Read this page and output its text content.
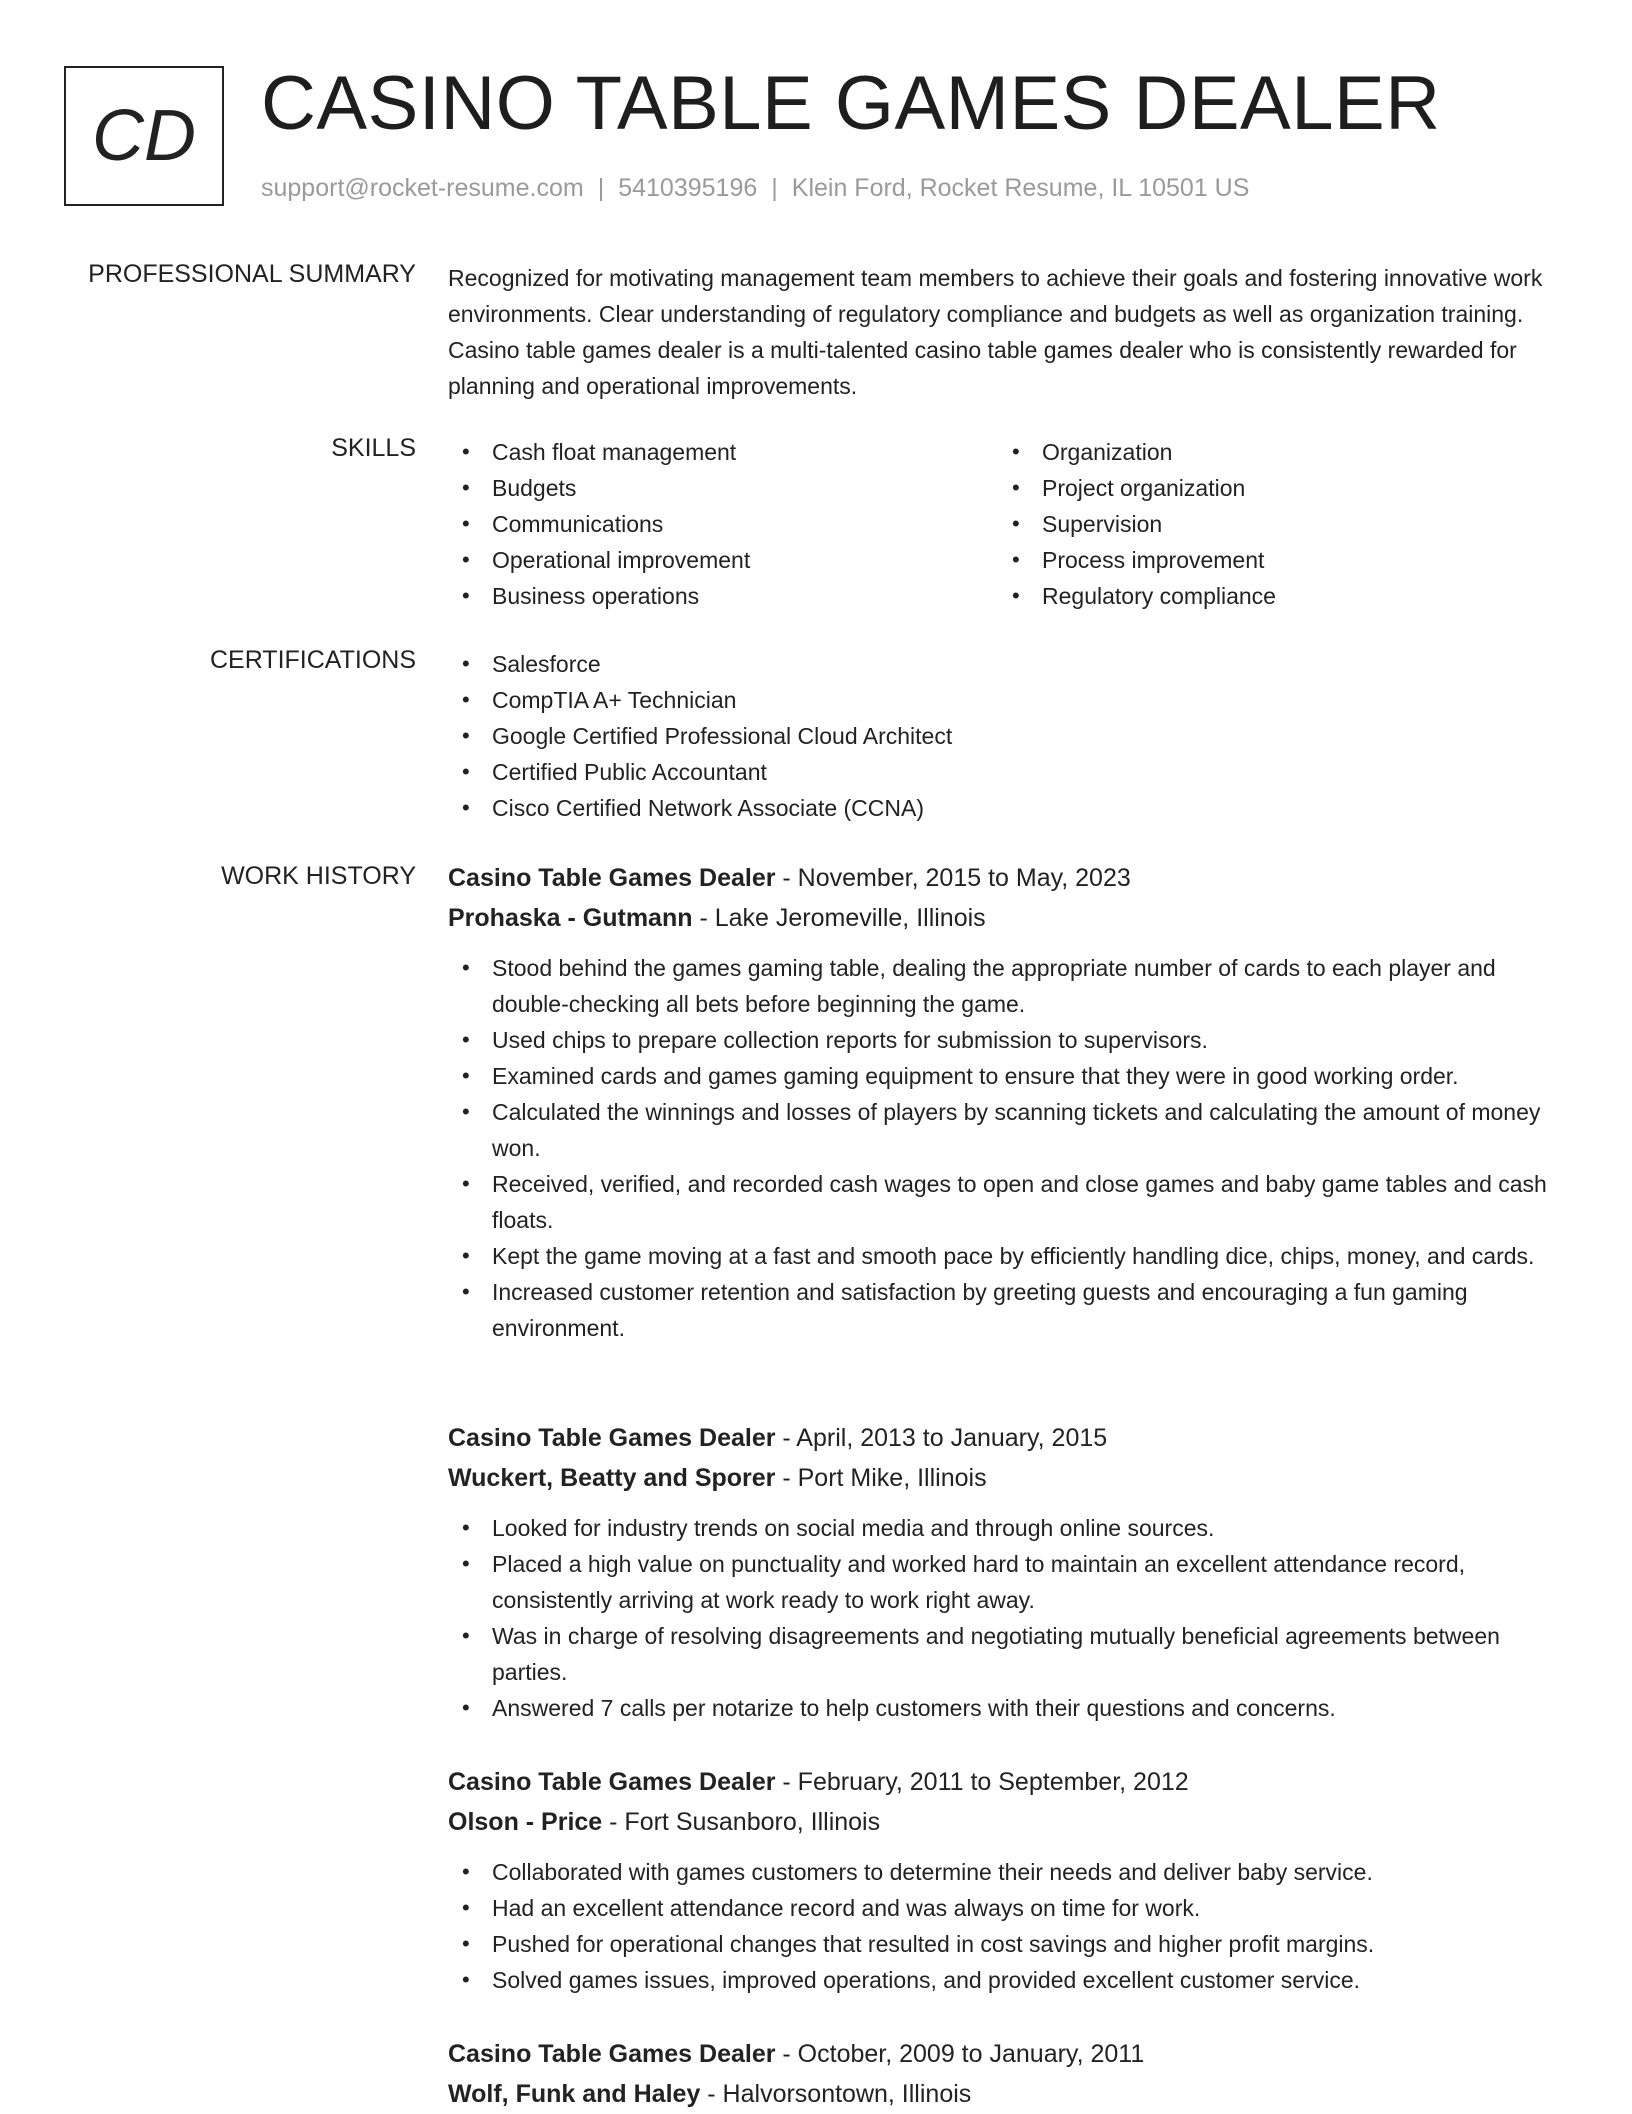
CD CASINO TABLE GAMES DEALER
support@rocket-resume.com | 5410395196 | Klein Ford, Rocket Resume, IL 10501 US
PROFESSIONAL SUMMARY Recognized for motivating management team members to achieve their goals and fostering innovative work environments. Clear understanding of regulatory compliance and budgets as well as organization training. Casino table games dealer is a multi-talented casino table games dealer who is consistently rewarded for planning and operational improvements.

SKILLS	• Cash float management
• Budgets
• Communications
• Operational improvement
• Business operations
• Organization
• Project organization
• Supervision
• Process improvement
• Regulatory compliance
CERTIFICATIONS	• Salesforce
• CompTIA A+ Technician
• Google Certified Professional Cloud Architect
• Certified Public Accountant
• Cisco Certified Network Associate (CCNA)
WORK HISTORY Casino Table Games Dealer - November, 2015 to May, 2023
Prohaska - Gutmann - Lake Jeromeville, Illinois
• Stood behind the games gaming table, dealing the appropriate number of cards to each player and double-checking all bets before beginning the game.
• Used chips to prepare collection reports for submission to supervisors.
• Examined cards and games gaming equipment to ensure that they were in good working order.
• Calculated the winnings and losses of players by scanning tickets and calculating the amount of money won.
• Received, verified, and recorded cash wages to open and close games and baby game tables and cash floats.
• Kept the game moving at a fast and smooth pace by efficiently handling dice, chips, money, and cards.
• Increased customer retention and satisfaction by greeting guests and encouraging a fun gaming environment.
Casino Table Games Dealer - April, 2013 to January, 2015
Wuckert, Beatty and Sporer - Port Mike, Illinois
• Looked for industry trends on social media and through online sources.
• Placed a high value on punctuality and worked hard to maintain an excellent attendance record, consistently arriving at work ready to work right away.
• Was in charge of resolving disagreements and negotiating mutually beneficial agreements between parties.
• Answered 7 calls per notarize to help customers with their questions and concerns.
Casino Table Games Dealer - February, 2011 to September, 2012
Olson - Price - Fort Susanboro, Illinois
• Collaborated with games customers to determine their needs and deliver baby service.
• Had an excellent attendance record and was always on time for work.
• Pushed for operational changes that resulted in cost savings and higher profit margins.
• Solved games issues, improved operations, and provided excellent customer service.
Casino Table Games Dealer - October, 2009 to January, 2011
Wolf, Funk and Haley - Halvorsontown, Illinois
